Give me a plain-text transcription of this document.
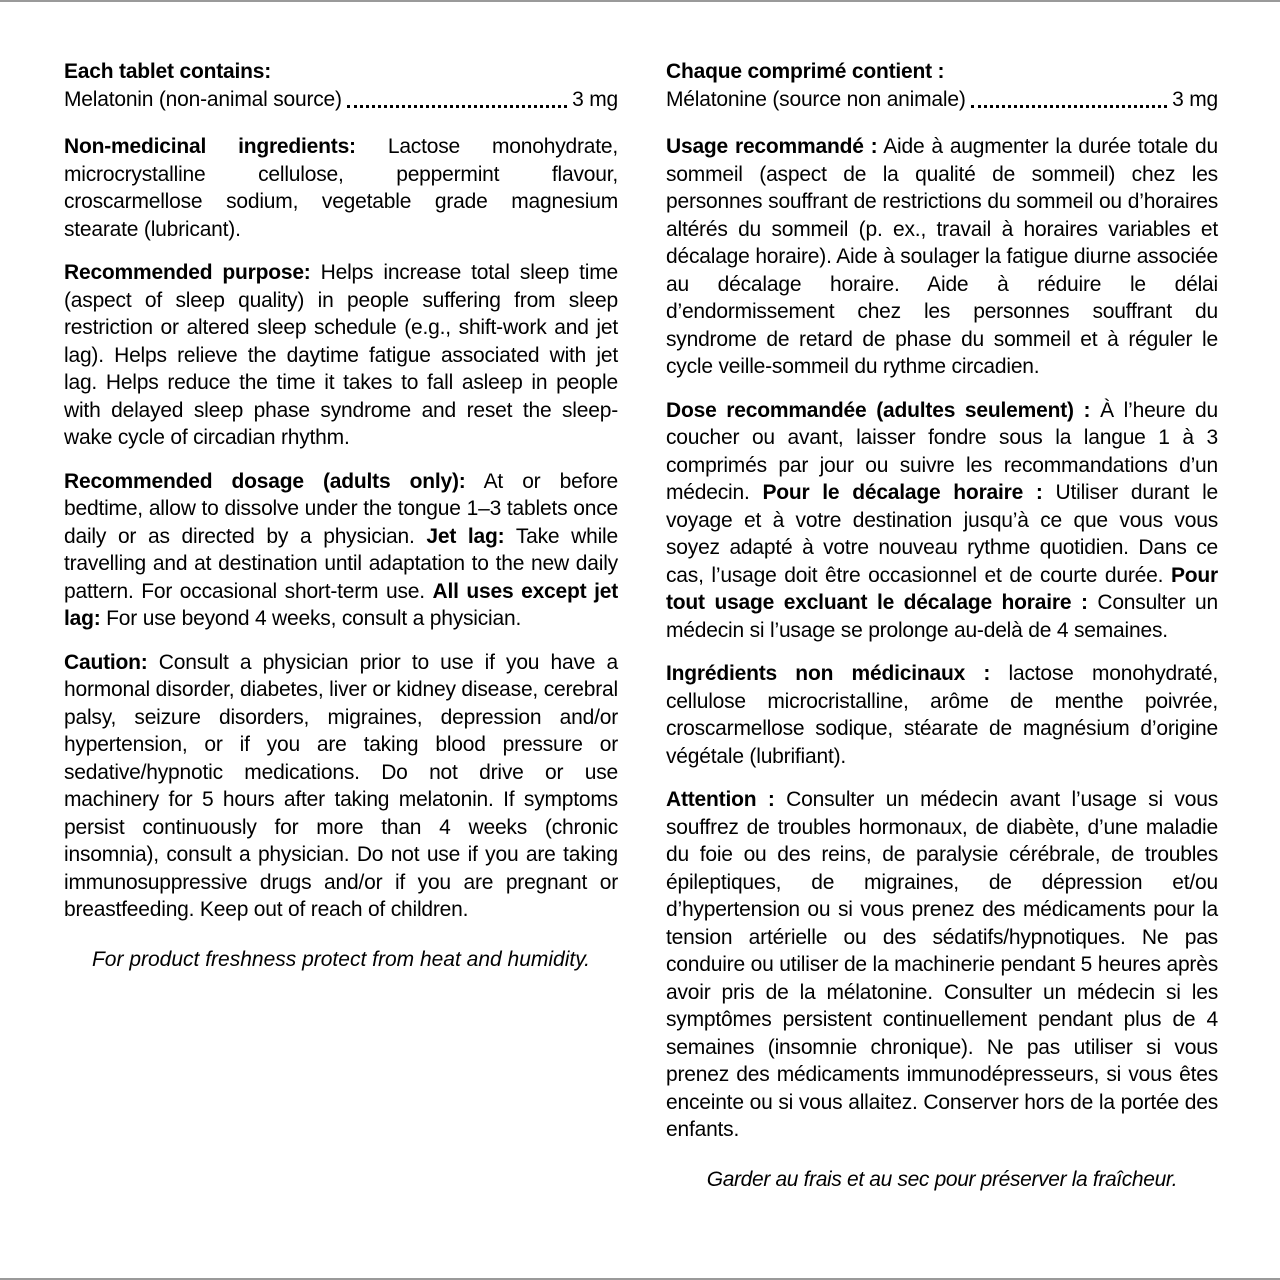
Each tablet contains:
Melatonin (non-animal source)	3 mg

Non-medicinal ingredients: Lactose monohydrate, microcrystalline cellulose, peppermint flavour, croscarmellose sodium, vegetable grade magnesium stearate (lubricant).

Recommended purpose: Helps increase total sleep time (aspect of sleep quality) in people suffering from sleep restriction or altered sleep schedule (e.g., shift-work and jet lag). Helps relieve the daytime fatigue associated with jet lag. Helps reduce the time it takes to fall asleep in people with delayed sleep phase syndrome and reset the sleep-wake cycle of circadian rhythm.

Recommended dosage (adults only): At or before bedtime, allow to dissolve under the tongue 1–3 tablets once daily or as directed by a physician. Jet lag: Take while travelling and at destination until adaptation to the new daily pattern. For occasional short-term use. All uses except jet lag: For use beyond 4 weeks, consult a physician.

Caution: Consult a physician prior to use if you have a hormonal disorder, diabetes, liver or kidney disease, cerebral palsy, seizure disorders, migraines, depression and/or hypertension, or if you are taking blood pressure or sedative/hypnotic medications. Do not drive or use machinery for 5 hours after taking melatonin. If symptoms persist continuously for more than 4 weeks (chronic insomnia), consult a physician. Do not use if you are taking immunosuppressive drugs and/or if you are pregnant or breastfeeding. Keep out of reach of children.

For product freshness protect from heat and humidity.
Chaque comprimé contient :
Mélatonine (source non animale)	3 mg

Usage recommandé : Aide à augmenter la durée totale du sommeil (aspect de la qualité de sommeil) chez les personnes souffrant de restrictions du sommeil ou d’horaires altérés du sommeil (p. ex., travail à horaires variables et décalage horaire). Aide à soulager la fatigue diurne associée au décalage horaire. Aide à réduire le délai d’endormissement chez les personnes souffrant du syndrome de retard de phase du sommeil et à réguler le cycle veille-sommeil du rythme circadien.

Dose recommandée (adultes seulement) : À l’heure du coucher ou avant, laisser fondre sous la langue 1 à 3 comprimés par jour ou suivre les recommandations d’un médecin. Pour le décalage horaire : Utiliser durant le voyage et à votre destination jusqu’à ce que vous vous soyez adapté à votre nouveau rythme quotidien. Dans ce cas, l’usage doit être occasionnel et de courte durée. Pour tout usage excluant le décalage horaire : Consulter un médecin si l’usage se prolonge au-delà de 4 semaines.

Ingrédients non médicinaux : lactose monohydraté, cellulose microcristalline, arôme de menthe poivrée, croscarmellose sodique, stéarate de magnésium d’origine végétale (lubrifiant).

Attention : Consulter un médecin avant l’usage si vous souffrez de troubles hormonaux, de diabète, d’une maladie du foie ou des reins, de paralysie cérébrale, de troubles épileptiques, de migraines, de dépression et/ou d’hypertension ou si vous prenez des médicaments pour la tension artérielle ou des sédatifs/hypnotiques. Ne pas conduire ou utiliser de la machinerie pendant 5 heures après avoir pris de la mélatonine. Consulter un médecin si les symptômes persistent continuellement pendant plus de 4 semaines (insomnie chronique). Ne pas utiliser si vous prenez des médicaments immunodépresseurs, si vous êtes enceinte ou si vous allaitez. Conserver hors de la portée des enfants.

Garder au frais et au sec pour préserver la fraîcheur.
